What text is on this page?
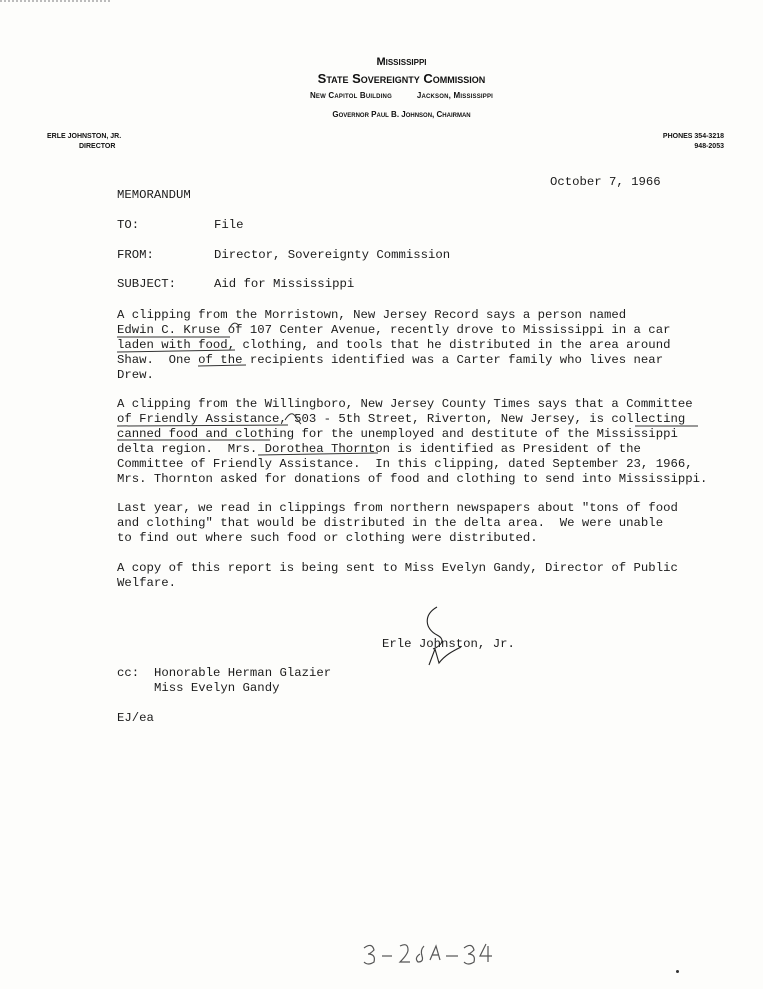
Mississippi
State Sovereignty Commission
New Capitol Building	Jackson, Mississippi
Governor Paul B. Johnson, Chairman
ERLE JOHNSTON, JR.
DIRECTOR
PHONES 354-3218
948-2053
October 7, 1966
MEMORANDUM
TO:	File
FROM:	Director, Sovereignty Commission
SUBJECT:	Aid for Mississippi
A clipping from the Morristown, New Jersey Record says a person named
Edwin C. Kruse of 107 Center Avenue, recently drove to Mississippi in a car
laden with food, clothing, and tools that he distributed in the area around
Shaw.  One of the recipients identified was a Carter family who lives near
Drew.
A clipping from the Willingboro, New Jersey County Times says that a Committee
of Friendly Assistance, 503 - 5th Street, Riverton, New Jersey, is collecting
canned food and clothing for the unemployed and destitute of the Mississippi
delta region.  Mrs. Dorothea Thornton is identified as President of the
Committee of Friendly Assistance.  In this clipping, dated September 23, 1966,
Mrs. Thornton asked for donations of food and clothing to send into Mississippi.
Last year, we read in clippings from northern newspapers about "tons of food
and clothing" that would be distributed in the delta area.  We were unable
to find out where such food or clothing were distributed.
A copy of this report is being sent to Miss Evelyn Gandy, Director of Public
Welfare.
Erle Johnston, Jr.
cc: Honorable Herman Glazier
Miss Evelyn Gandy
EJ/ea
